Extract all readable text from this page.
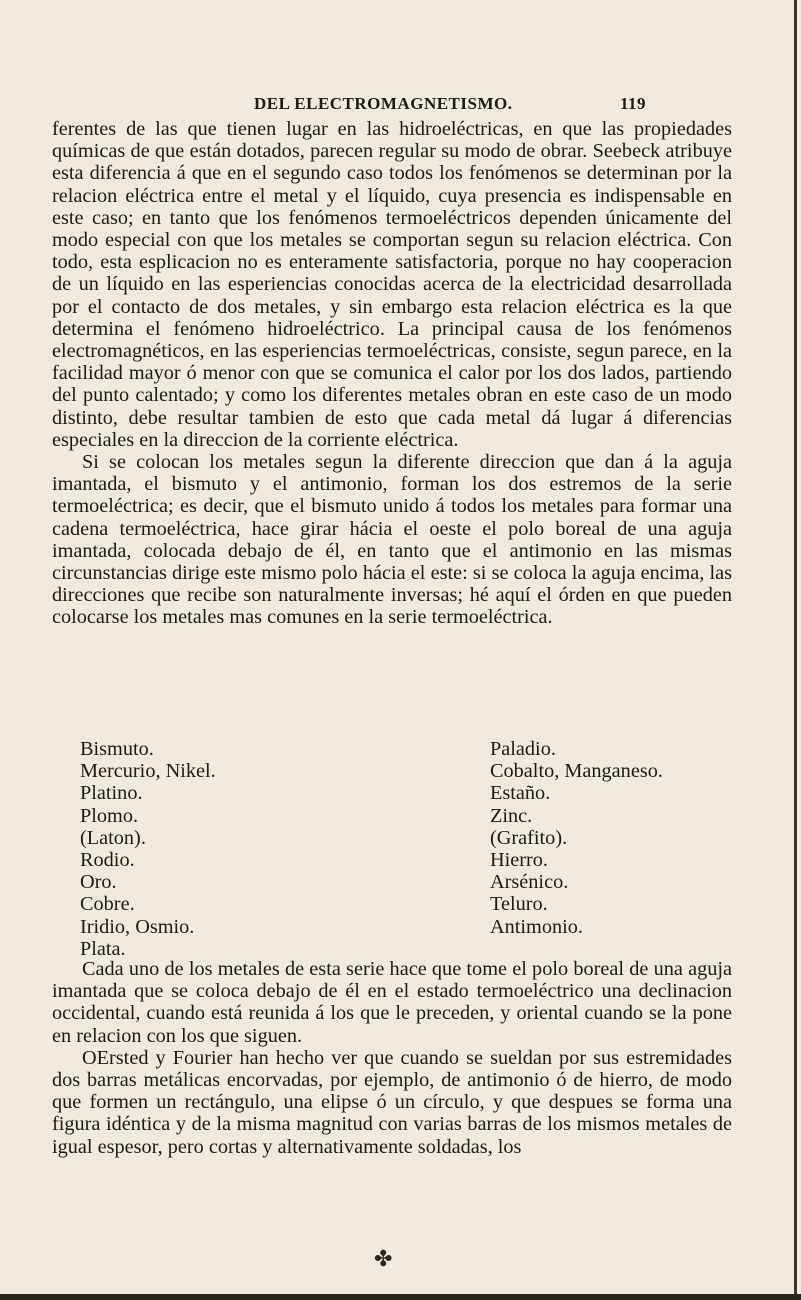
DEL ELECTROMAGNETISMO.	119

ferentes de las que tienen lugar en las hidroeléctricas, en que las propiedades químicas de que están dotados, parecen regular su modo de obrar. Seebeck atribuye esta diferencia á que en el segundo caso todos los fenómenos se determinan por la relacion eléctrica entre el metal y el líquido, cuya presencia es indispensable en este caso; en tanto que los fenómenos termoeléctricos dependen únicamente del modo especial con que los metales se comportan segun su relacion eléctrica. Con todo, esta esplicacion no es enteramente satisfactoria, porque no hay cooperacion de un líquido en las esperiencias conocidas acerca de la electricidad desarrollada por el contacto de dos metales, y sin embargo esta relacion eléctrica es la que determina el fenómeno hidroeléctrico. La principal causa de los fenómenos electromagnéticos, en las esperiencias termoeléctricas, consiste, segun parece, en la facilidad mayor ó menor con que se comunica el calor por los dos lados, partiendo del punto calentado; y como los diferentes metales obran en este caso de un modo distinto, debe resultar tambien de esto que cada metal dá lugar á diferencias especiales en la direccion de la corriente eléctrica.

Si se colocan los metales segun la diferente direccion que dan á la aguja imantada, el bismuto y el antimonio, forman los dos estremos de la serie termoeléctrica; es decir, que el bismuto unido á todos los metales para formar una cadena termoeléctrica, hace girar hácia el oeste el polo boreal de una aguja imantada, colocada debajo de él, en tanto que el antimonio en las mismas circunstancias dirige este mismo polo hácia el este: si se coloca la aguja encima, las direcciones que recibe son naturalmente inversas; hé aquí el órden en que pueden colocarse los metales mas comunes en la serie termoeléctrica.

Bismuto.	Paladio.
Mercurio, Nikel.	Cobalto, Manganeso.
Platino.	Estaño.
Plomo.	Zinc.
(Laton).	(Grafito).
Rodio.	Hierro.
Oro.	Arsénico.
Cobre.	Teluro.
Iridio, Osmio.	Antimonio.
Plata.

Cada uno de los metales de esta serie hace que tome el polo boreal de una aguja imantada que se coloca debajo de él en el estado termoeléctrico una declinacion occidental, cuando está reunida á los que le preceden, y oriental cuando se la pone en relacion con los que siguen.

OErsted y Fourier han hecho ver que cuando se sueldan por sus estremidades dos barras metálicas encorvadas, por ejemplo, de antimonio ó de hierro, de modo que formen un rectángulo, una elipse ó un círculo, y que despues se forma una figura idéntica y de la misma magnitud con varias barras de los mismos metales de igual espesor, pero cortas y alternativamente soldadas, los

✤
